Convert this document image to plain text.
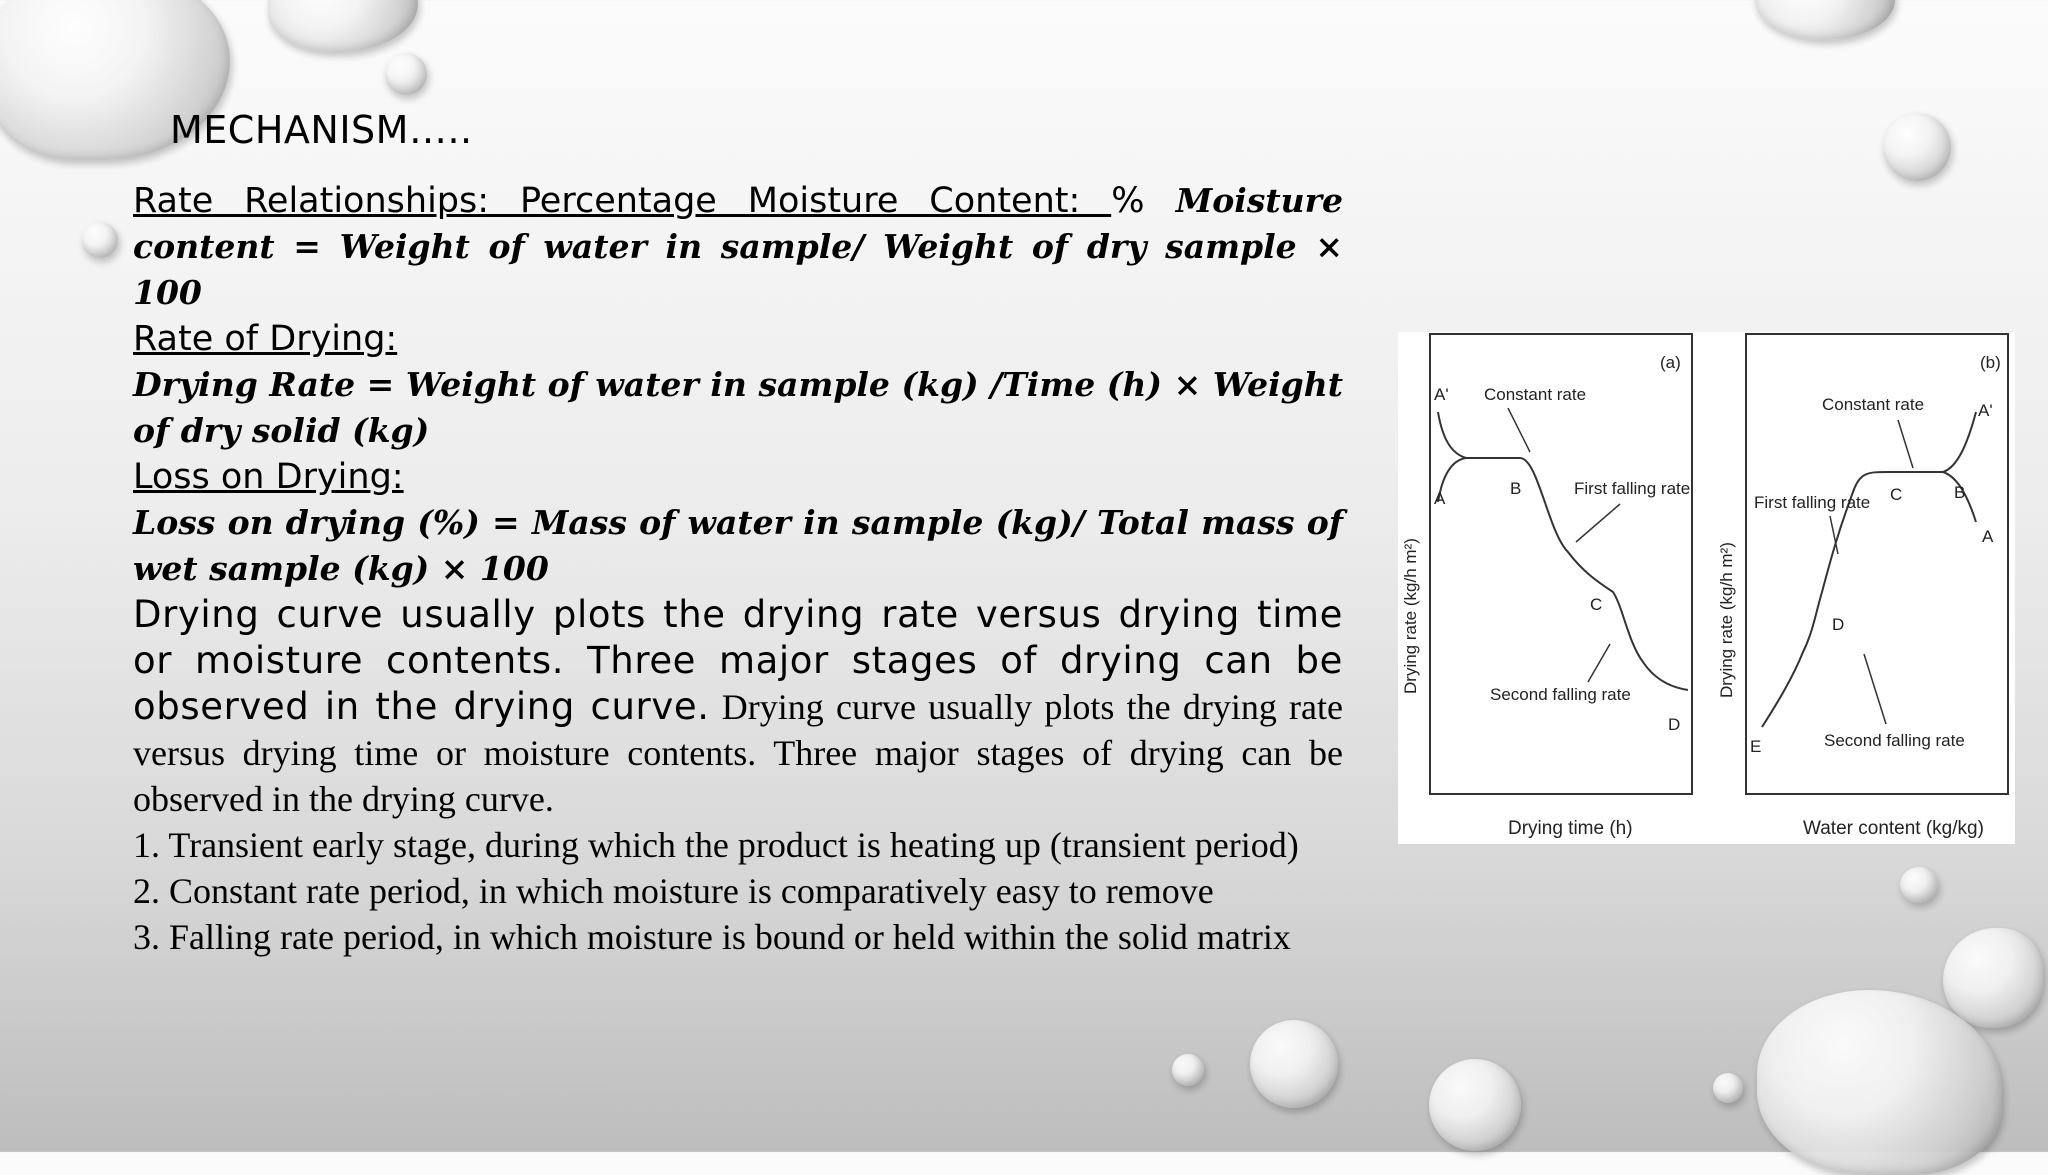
MECHANISM…..

Rate Relationships: Percentage Moisture Content: % Moisture content = Weight of water in sample/ Weight of dry sample × 100

Rate of Drying:

Drying Rate = Weight of water in sample (kg) /Time (h) × Weight of dry solid (kg)

Loss on Drying:

Loss on drying (%) = Mass of water in sample (kg)/ Total mass of wet sample (kg) × 100

Drying curve usually plots the drying rate versus drying time or moisture contents. Three major stages of drying can be observed in the drying curve. Drying curve usually plots the drying rate versus drying time or moisture contents. Three major stages of drying can be observed in the drying curve.

1. Transient early stage, during which the product is heating up (transient period)

2. Constant rate period, in which moisture is comparatively easy to remove

3. Falling rate period, in which moisture is bound or held within the solid matrix

(a)
Drying rate (kg/h m²)
Drying time (h)
A'
A
B
C
D
Constant rate
First falling rate
Second falling rate
(b)
Drying rate (kg/h m²)
Water content (kg/kg)
A'
A
B
C
D
E
Constant rate
First falling rate
Second falling rate
